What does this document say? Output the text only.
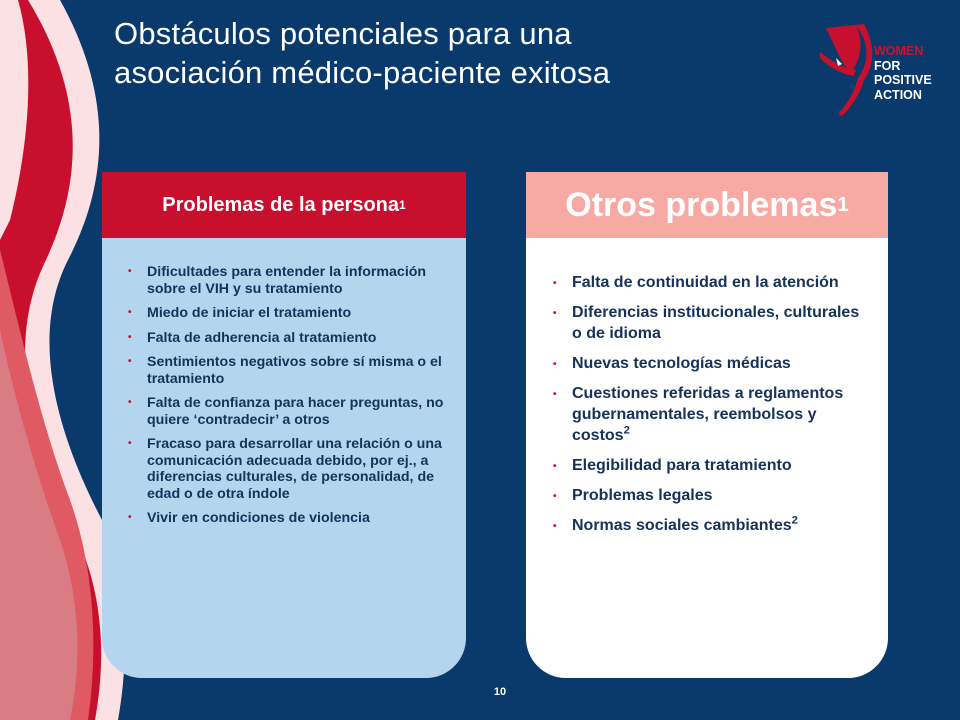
Obstáculos potenciales para una
asociación médico-paciente exitosa
WOMEN
FOR
POSITIVE
ACTION
Problemas de la persona 1
• Dificultades para entender la información sobre el VIH y su tratamiento
• Miedo de iniciar el tratamiento
• Falta de adherencia al tratamiento
• Sentimientos negativos sobre sí misma o el tratamiento
• Falta de confianza para hacer preguntas, no quiere ‘contradecir’ a otros
• Fracaso para desarrollar una relación o una comunicación adecuada debido, por ej., a diferencias culturales, de personalidad, de edad o de otra índole
• Vivir en condiciones de violencia
Otros problemas 1
• Falta de continuidad en la atención
• Diferencias institucionales, culturales o de idioma
• Nuevas tecnologías médicas
• Cuestiones referidas a reglamentos gubernamentales, reembolsos y costos$^2$
• Elegibilidad para tratamiento
• Problemas legales
• Normas sociales cambiantes$^2$
10
